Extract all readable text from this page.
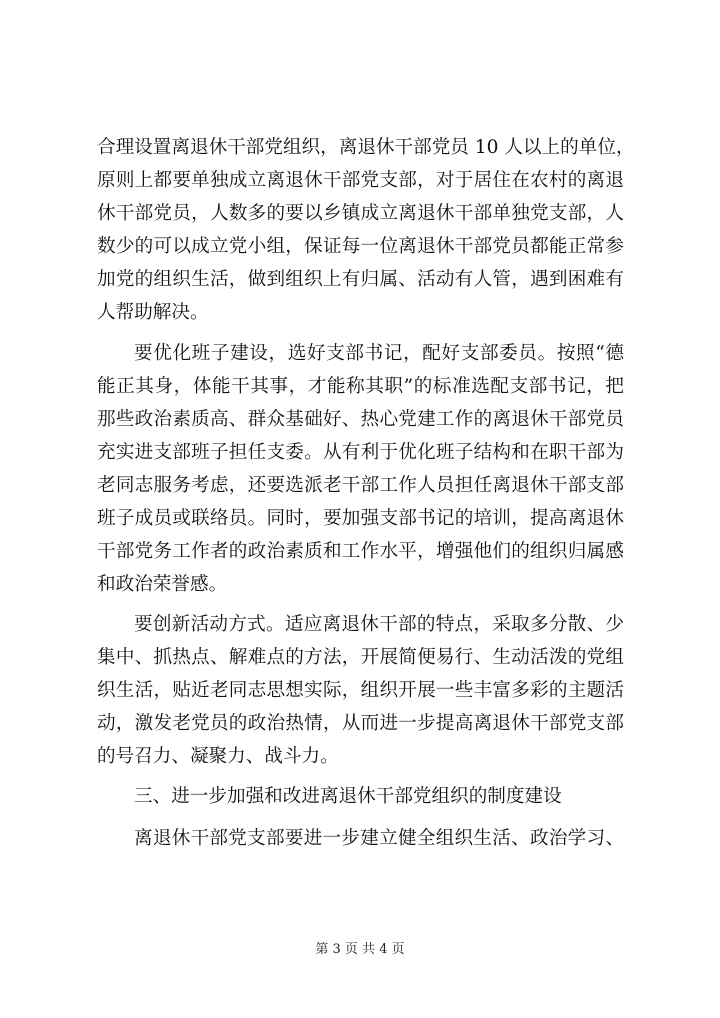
合理设置离退休干部党组织，离退休干部党员 10 人以上的单位，
原则上都要单独成立离退休干部党支部，对于居住在农村的离退
休干部党员，人数多的要以乡镇成立离退休干部单独党支部，人
数少的可以成立党小组，保证每一位离退休干部党员都能正常参
加党的组织生活，做到组织上有归属、活动有人管，遇到困难有
人帮助解决。
要优化班子建设，选好支部书记，配好支部委员。按照“德
能正其身，体能干其事，才能称其职”的标准选配支部书记，把
那些政治素质高、群众基础好、热心党建工作的离退休干部党员
充实进支部班子担任支委。从有利于优化班子结构和在职干部为
老同志服务考虑，还要选派老干部工作人员担任离退休干部支部
班子成员或联络员。同时，要加强支部书记的培训，提高离退休
干部党务工作者的政治素质和工作水平，增强他们的组织归属感
和政治荣誉感。
要创新活动方式。适应离退休干部的特点，采取多分散、少
集中、抓热点、解难点的方法，开展简便易行、生动活泼的党组
织生活，贴近老同志思想实际，组织开展一些丰富多彩的主题活
动，激发老党员的政治热情，从而进一步提高离退休干部党支部
的号召力、凝聚力、战斗力。
三、进一步加强和改进离退休干部党组织的制度建设
离退休干部党支部要进一步建立健全组织生活、政治学习、
第 3 页 共 4 页
